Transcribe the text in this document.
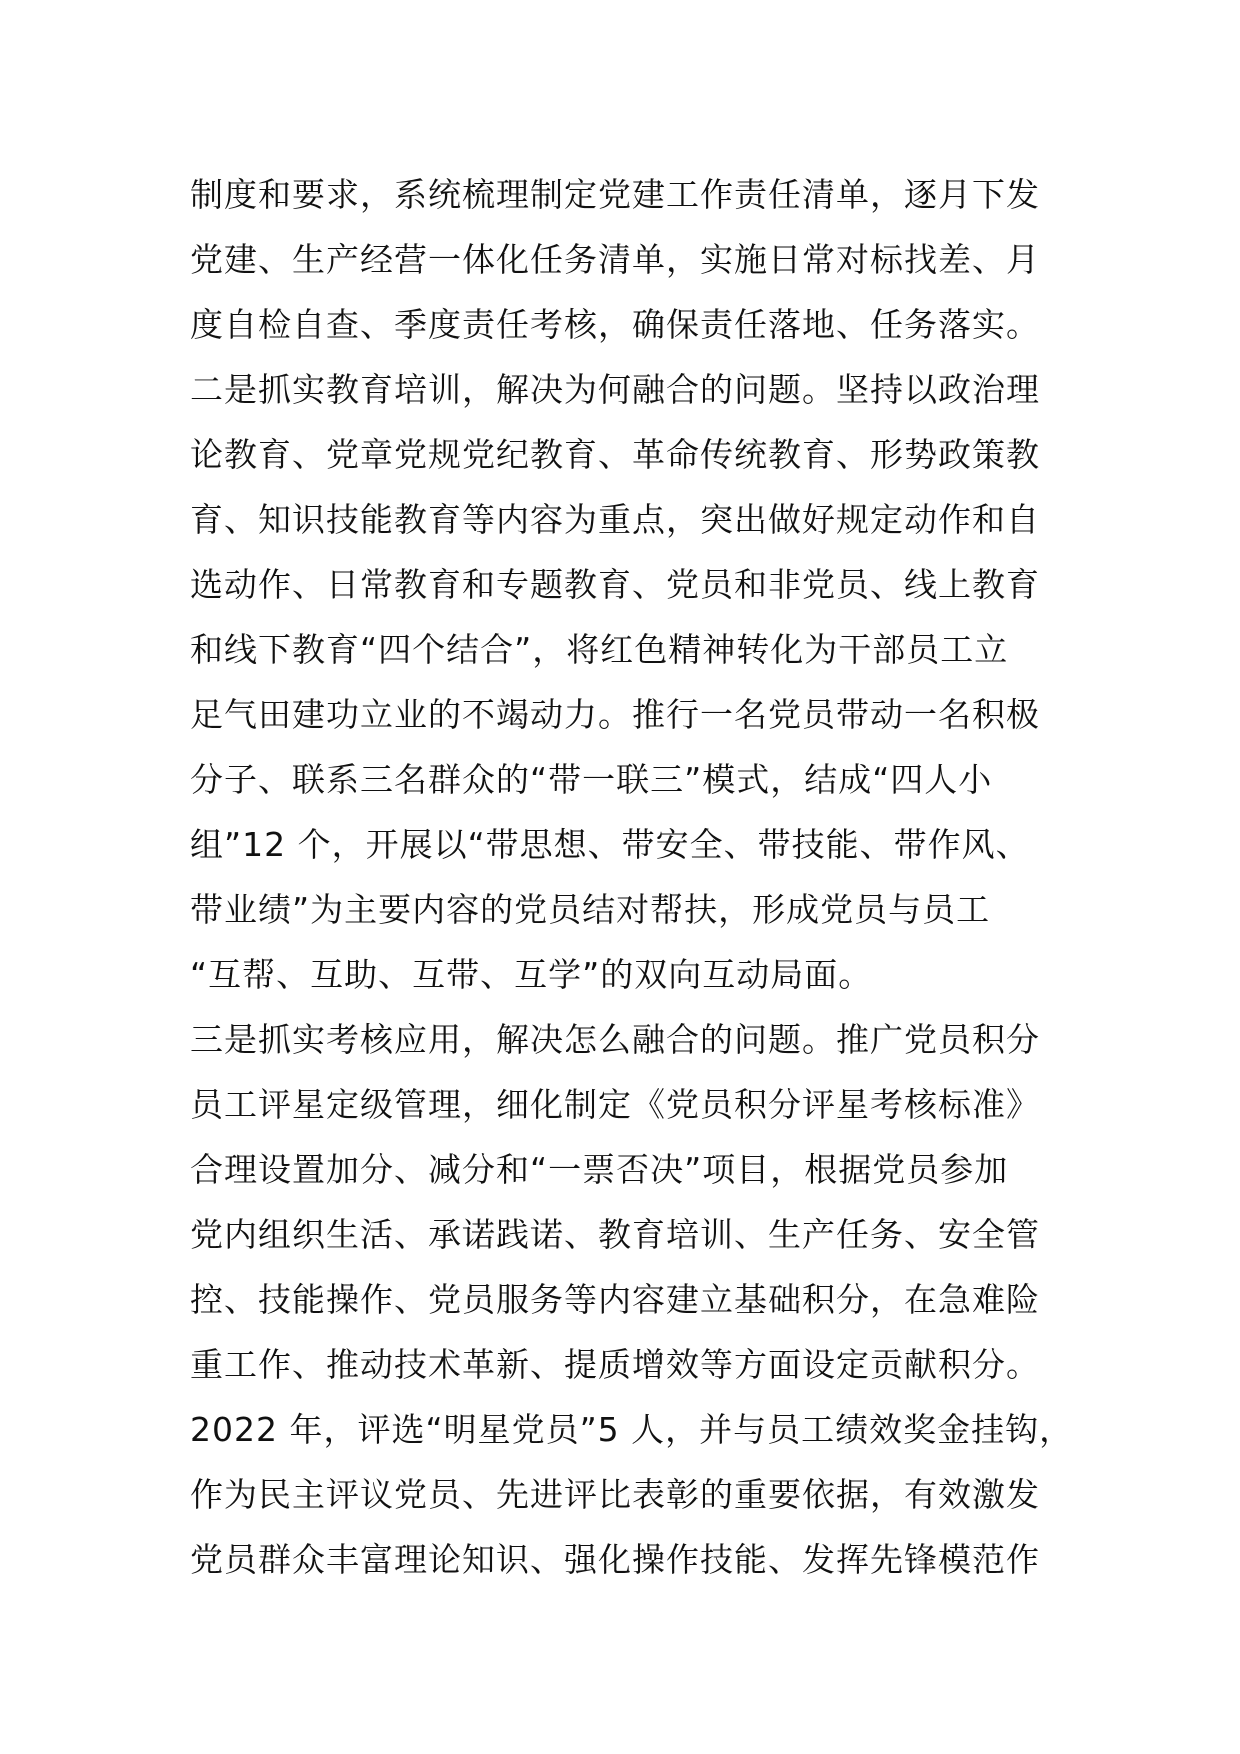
制度和要求，系统梳理制定党建工作责任清单，逐月下发
党建、生产经营一体化任务清单，实施日常对标找差、月
度自检自查、季度责任考核，确保责任落地、任务落实。
二是抓实教育培训，解决为何融合的问题。坚持以政治理
论教育、党章党规党纪教育、革命传统教育、形势政策教
育、知识技能教育等内容为重点，突出做好规定动作和自
选动作、日常教育和专题教育、党员和非党员、线上教育
和线下教育“四个结合”，将红色精神转化为干部员工立
足气田建功立业的不竭动力。推行一名党员带动一名积极
分子、联系三名群众的“带一联三”模式，结成“四人小
组”12 个，开展以“带思想、带安全、带技能、带作风、
带业绩”为主要内容的党员结对帮扶，形成党员与员工
“互帮、互助、互带、互学”的双向互动局面。
三是抓实考核应用，解决怎么融合的问题。推广党员积分
员工评星定级管理，细化制定《党员积分评星考核标准》
合理设置加分、减分和“一票否决”项目，根据党员参加
党内组织生活、承诺践诺、教育培训、生产任务、安全管
控、技能操作、党员服务等内容建立基础积分，在急难险
重工作、推动技术革新、提质增效等方面设定贡献积分。
2022 年，评选“明星党员”5 人，并与员工绩效奖金挂钩，
作为民主评议党员、先进评比表彰的重要依据，有效激发
党员群众丰富理论知识、强化操作技能、发挥先锋模范作
